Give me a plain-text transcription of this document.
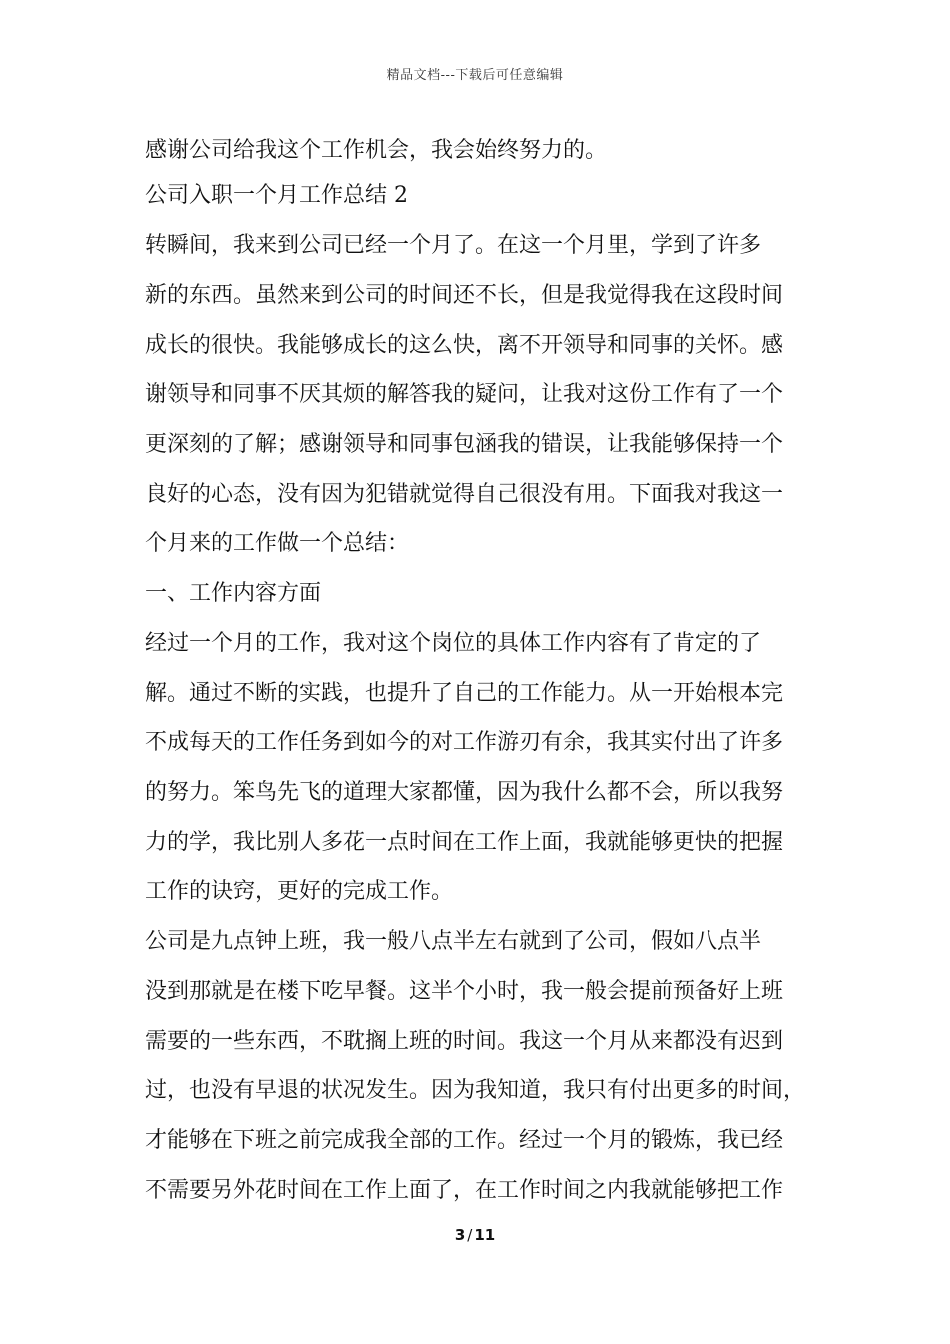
精品文档---下载后可任意编辑
感谢公司给我这个工作机会，我会始终努力的。
公司入职一个月工作总结 2
转瞬间，我来到公司已经一个月了。在这一个月里，学到了许多
新的东西。虽然来到公司的时间还不长，但是我觉得我在这段时间
成长的很快。我能够成长的这么快，离不开领导和同事的关怀。感
谢领导和同事不厌其烦的解答我的疑问，让我对这份工作有了一个
更深刻的了解；感谢领导和同事包涵我的错误，让我能够保持一个
良好的心态，没有因为犯错就觉得自己很没有用。下面我对我这一
个月来的工作做一个总结：
一、工作内容方面
经过一个月的工作，我对这个岗位的具体工作内容有了肯定的了
解。通过不断的实践，也提升了自己的工作能力。从一开始根本完
不成每天的工作任务到如今的对工作游刃有余，我其实付出了许多
的努力。笨鸟先飞的道理大家都懂，因为我什么都不会，所以我努
力的学，我比别人多花一点时间在工作上面，我就能够更快的把握
工作的诀窍，更好的完成工作。
公司是九点钟上班，我一般八点半左右就到了公司，假如八点半
没到那就是在楼下吃早餐。这半个小时，我一般会提前预备好上班
需要的一些东西，不耽搁上班的时间。我这一个月从来都没有迟到
过，也没有早退的状况发生。因为我知道，我只有付出更多的时间，
才能够在下班之前完成我全部的工作。经过一个月的锻炼，我已经
不需要另外花时间在工作上面了，在工作时间之内我就能够把工作
3 / 11
